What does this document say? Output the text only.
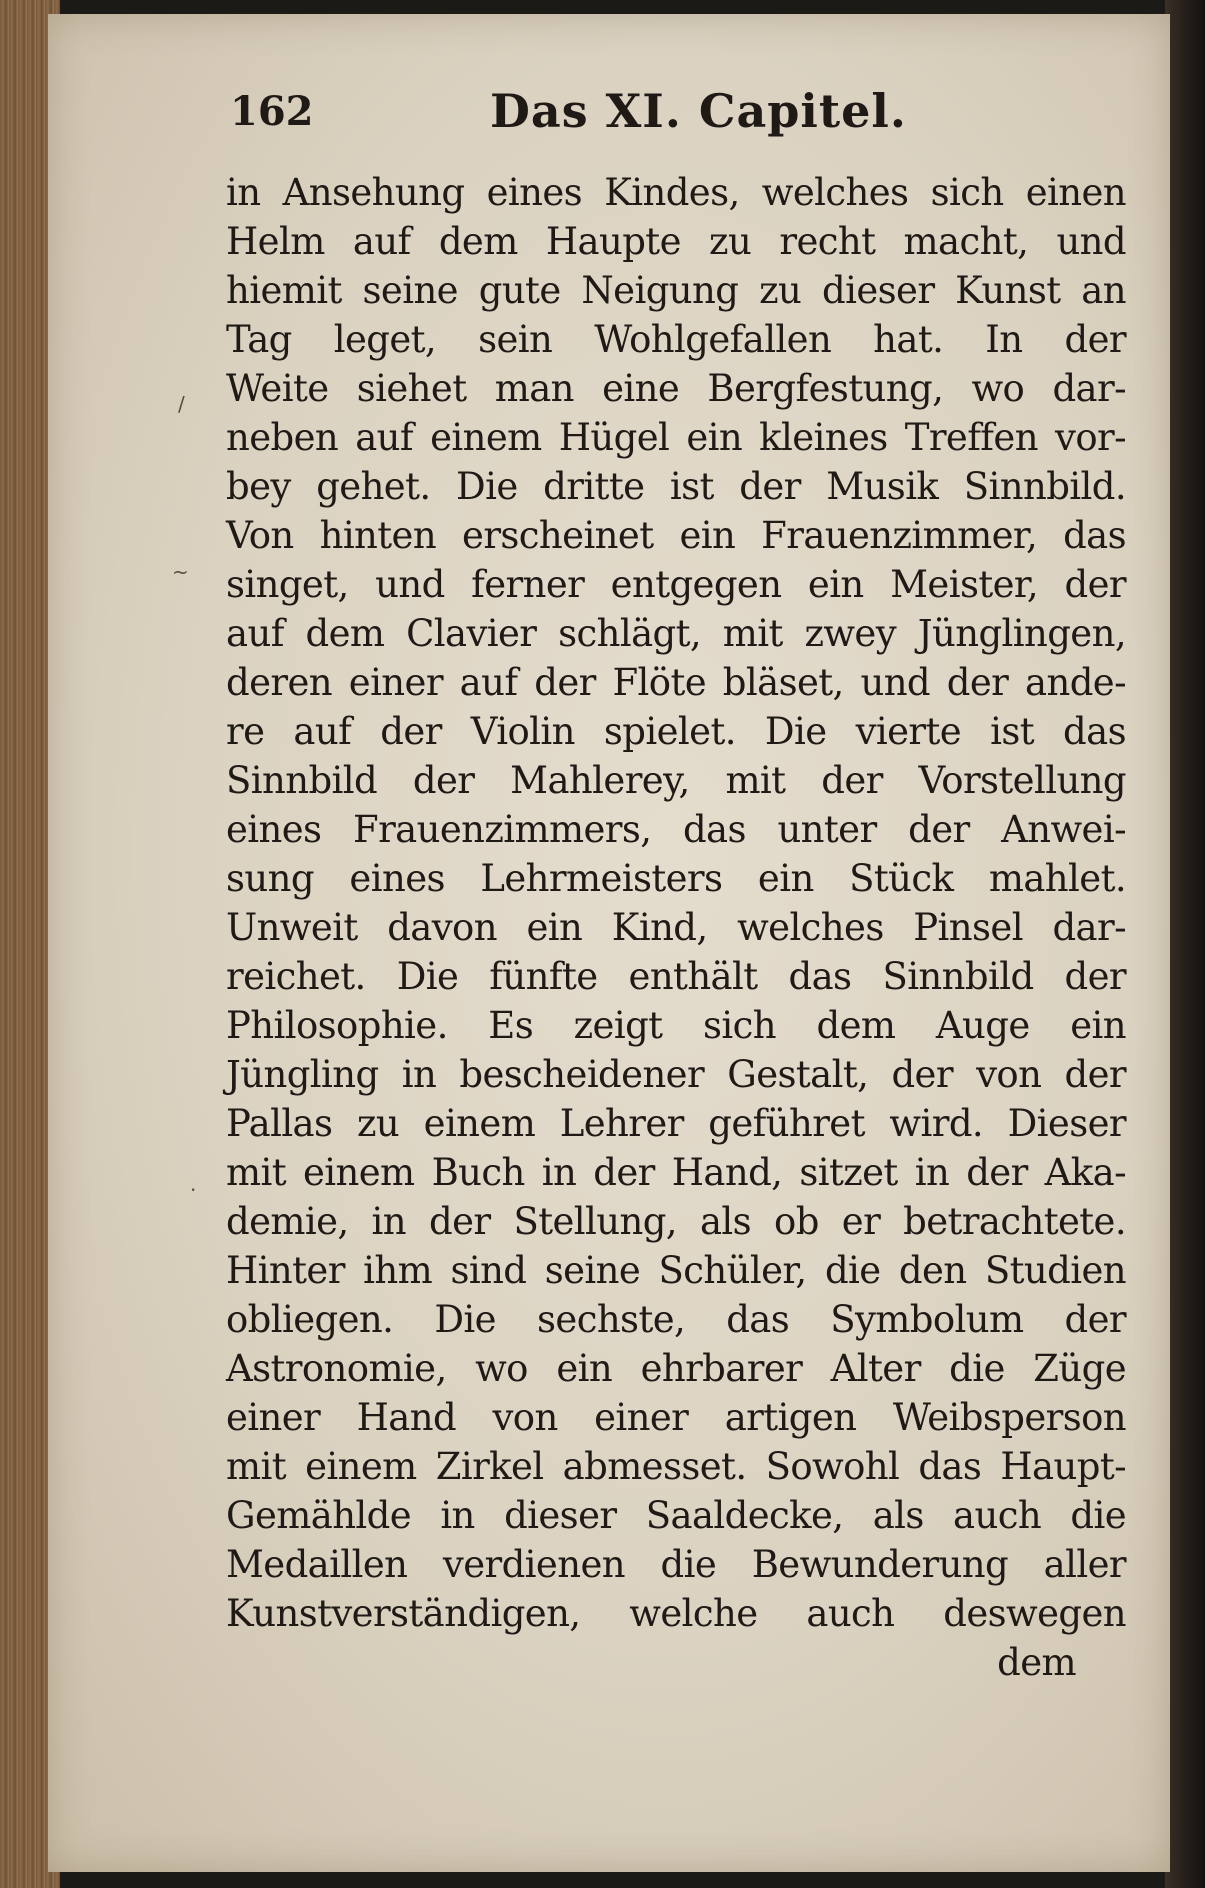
162	Das XI. Capitel.
in Ansehung eines Kindes, welches sich einen
Helm auf dem Haupte zu recht macht, und
hiemit seine gute Neigung zu dieser Kunst an
Tag leget, sein Wohlgefallen hat. In der
Weite siehet man eine Bergfestung, wo dar-
neben auf einem Hügel ein kleines Treffen vor-
bey gehet. Die dritte ist der Musik Sinnbild.
Von hinten erscheinet ein Frauenzimmer, das
singet, und ferner entgegen ein Meister, der
auf dem Clavier schlägt, mit zwey Jünglingen,
deren einer auf der Flöte bläset, und der ande-
re auf der Violin spielet. Die vierte ist das
Sinnbild der Mahlerey, mit der Vorstellung
eines Frauenzimmers, das unter der Anwei-
sung eines Lehrmeisters ein Stück mahlet.
Unweit davon ein Kind, welches Pinsel dar-
reichet. Die fünfte enthält das Sinnbild der
Philosophie. Es zeigt sich dem Auge ein
Jüngling in bescheidener Gestalt, der von der
Pallas zu einem Lehrer geführet wird. Dieser
mit einem Buch in der Hand, sitzet in der Aka-
demie, in der Stellung, als ob er betrachtete.
Hinter ihm sind seine Schüler, die den Studien
obliegen. Die sechste, das Symbolum der
Astronomie, wo ein ehrbarer Alter die Züge
einer Hand von einer artigen Weibsperson
mit einem Zirkel abmesset. Sowohl das Haupt-
Gemählde in dieser Saaldecke, als auch die
Medaillen verdienen die Bewunderung aller
Kunstverständigen, welche auch deswegen
dem
/
~
.
